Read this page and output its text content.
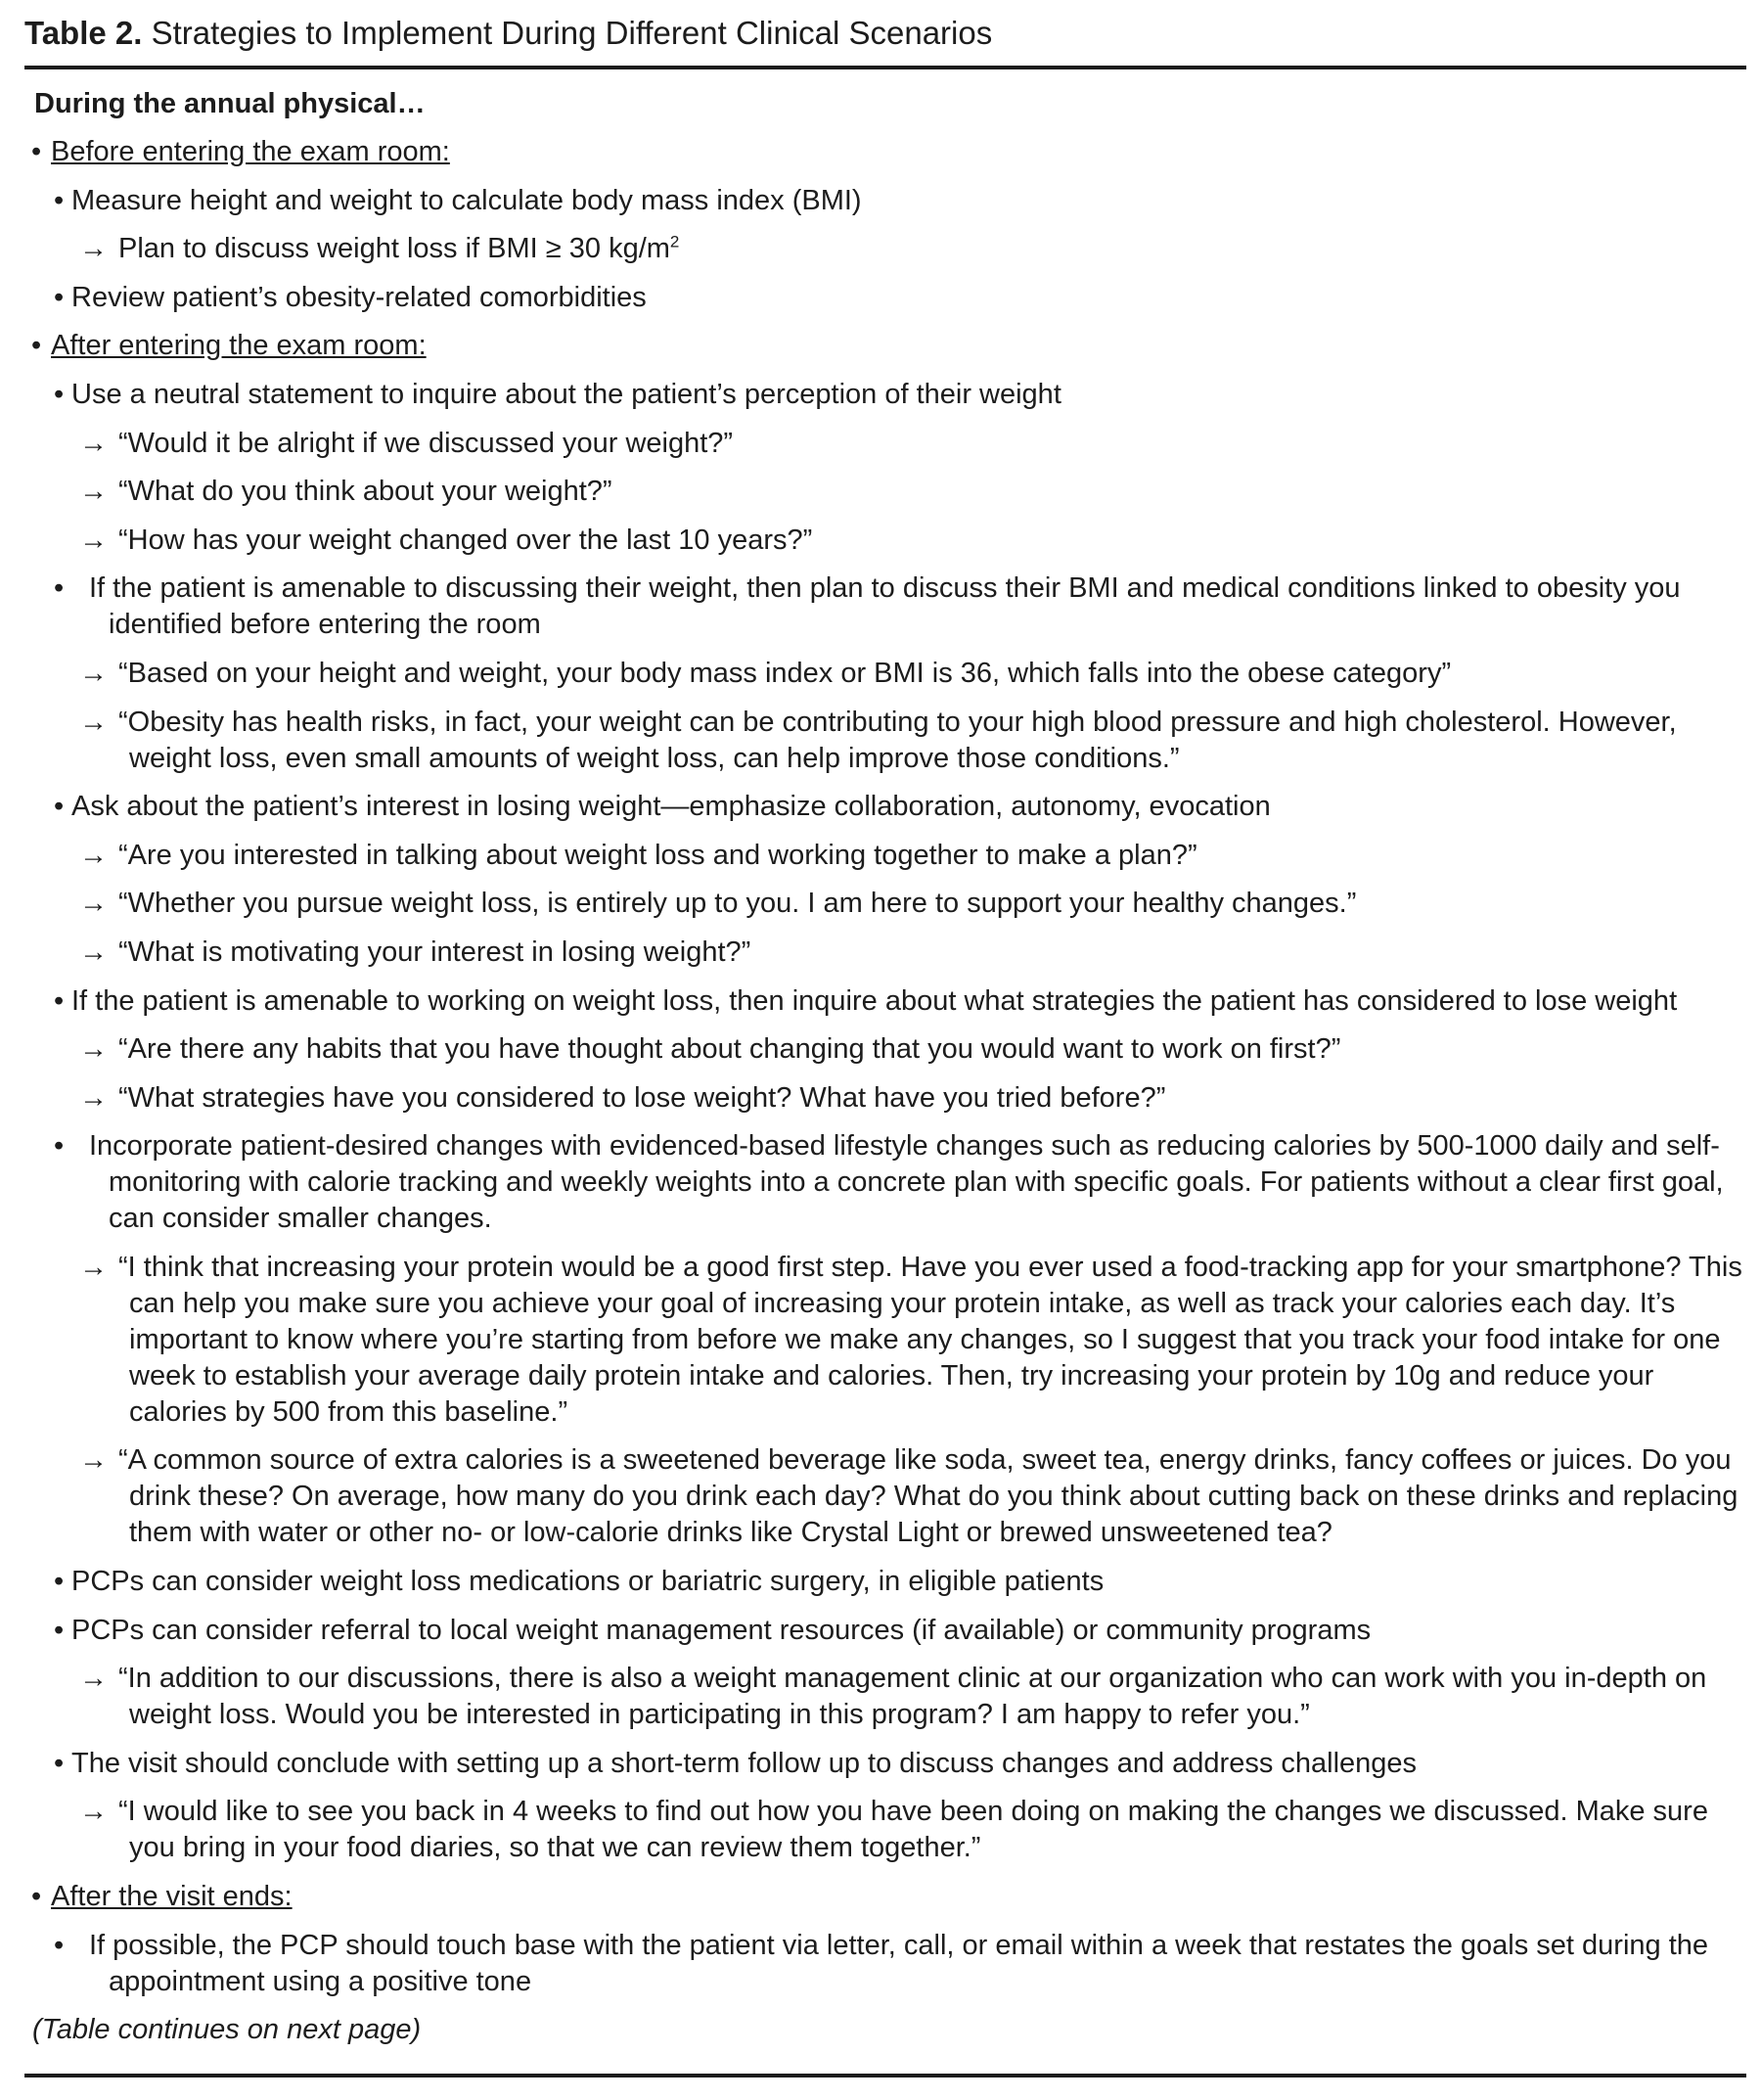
Table 2. Strategies to Implement During Different Clinical Scenarios
During the annual physical…
• Before entering the exam room:
• Measure height and weight to calculate body mass index (BMI)
→ Plan to discuss weight loss if BMI ≥ 30 $kg/m^2$
• Review patient’s obesity-related comorbidities
• After entering the exam room:
• Use a neutral statement to inquire about the patient’s perception of their weight
→ “Would it be alright if we discussed your weight?”
→ “What do you think about your weight?”
→ “How has your weight changed over the last 10 years?”
• If the patient is amenable to discussing their weight, then plan to discuss their BMI and medical conditions linked to obesity you identified before entering the room
→ “Based on your height and weight, your body mass index or BMI is 36, which falls into the obese category”
→ “Obesity has health risks, in fact, your weight can be contributing to your high blood pressure and high cholesterol. However, weight loss, even small amounts of weight loss, can help improve those conditions.”
• Ask about the patient’s interest in losing weight—emphasize collaboration, autonomy, evocation
→ “Are you interested in talking about weight loss and working together to make a plan?”
→ “Whether you pursue weight loss, is entirely up to you. I am here to support your healthy changes.”
→ “What is motivating your interest in losing weight?”
• If the patient is amenable to working on weight loss, then inquire about what strategies the patient has considered to lose weight
→ “Are there any habits that you have thought about changing that you would want to work on first?”
→ “What strategies have you considered to lose weight? What have you tried before?”
• Incorporate patient-desired changes with evidenced-based lifestyle changes such as reducing calories by 500-1000 daily and self-monitoring with calorie tracking and weekly weights into a concrete plan with specific goals. For patients without a clear first goal, can consider smaller changes.
→ “I think that increasing your protein would be a good first step. Have you ever used a food-tracking app for your smartphone? This can help you make sure you achieve your goal of increasing your protein intake, as well as track your calories each day. It’s important to know where you’re starting from before we make any changes, so I suggest that you track your food intake for one week to establish your average daily protein intake and calories. Then, try increasing your protein by 10g and reduce your calories by 500 from this baseline.”
→ “A common source of extra calories is a sweetened beverage like soda, sweet tea, energy drinks, fancy coffees or juices. Do you drink these? On average, how many do you drink each day? What do you think about cutting back on these drinks and replacing them with water or other no- or low-calorie drinks like Crystal Light or brewed unsweetened tea?
• PCPs can consider weight loss medications or bariatric surgery, in eligible patients
• PCPs can consider referral to local weight management resources (if available) or community programs
→ “In addition to our discussions, there is also a weight management clinic at our organization who can work with you in-depth on weight loss. Would you be interested in participating in this program? I am happy to refer you.”
• The visit should conclude with setting up a short-term follow up to discuss changes and address challenges
→ “I would like to see you back in 4 weeks to find out how you have been doing on making the changes we discussed. Make sure you bring in your food diaries, so that we can review them together.”
• After the visit ends:
• If possible, the PCP should touch base with the patient via letter, call, or email within a week that restates the goals set during the appointment using a positive tone
(Table continues on next page)
